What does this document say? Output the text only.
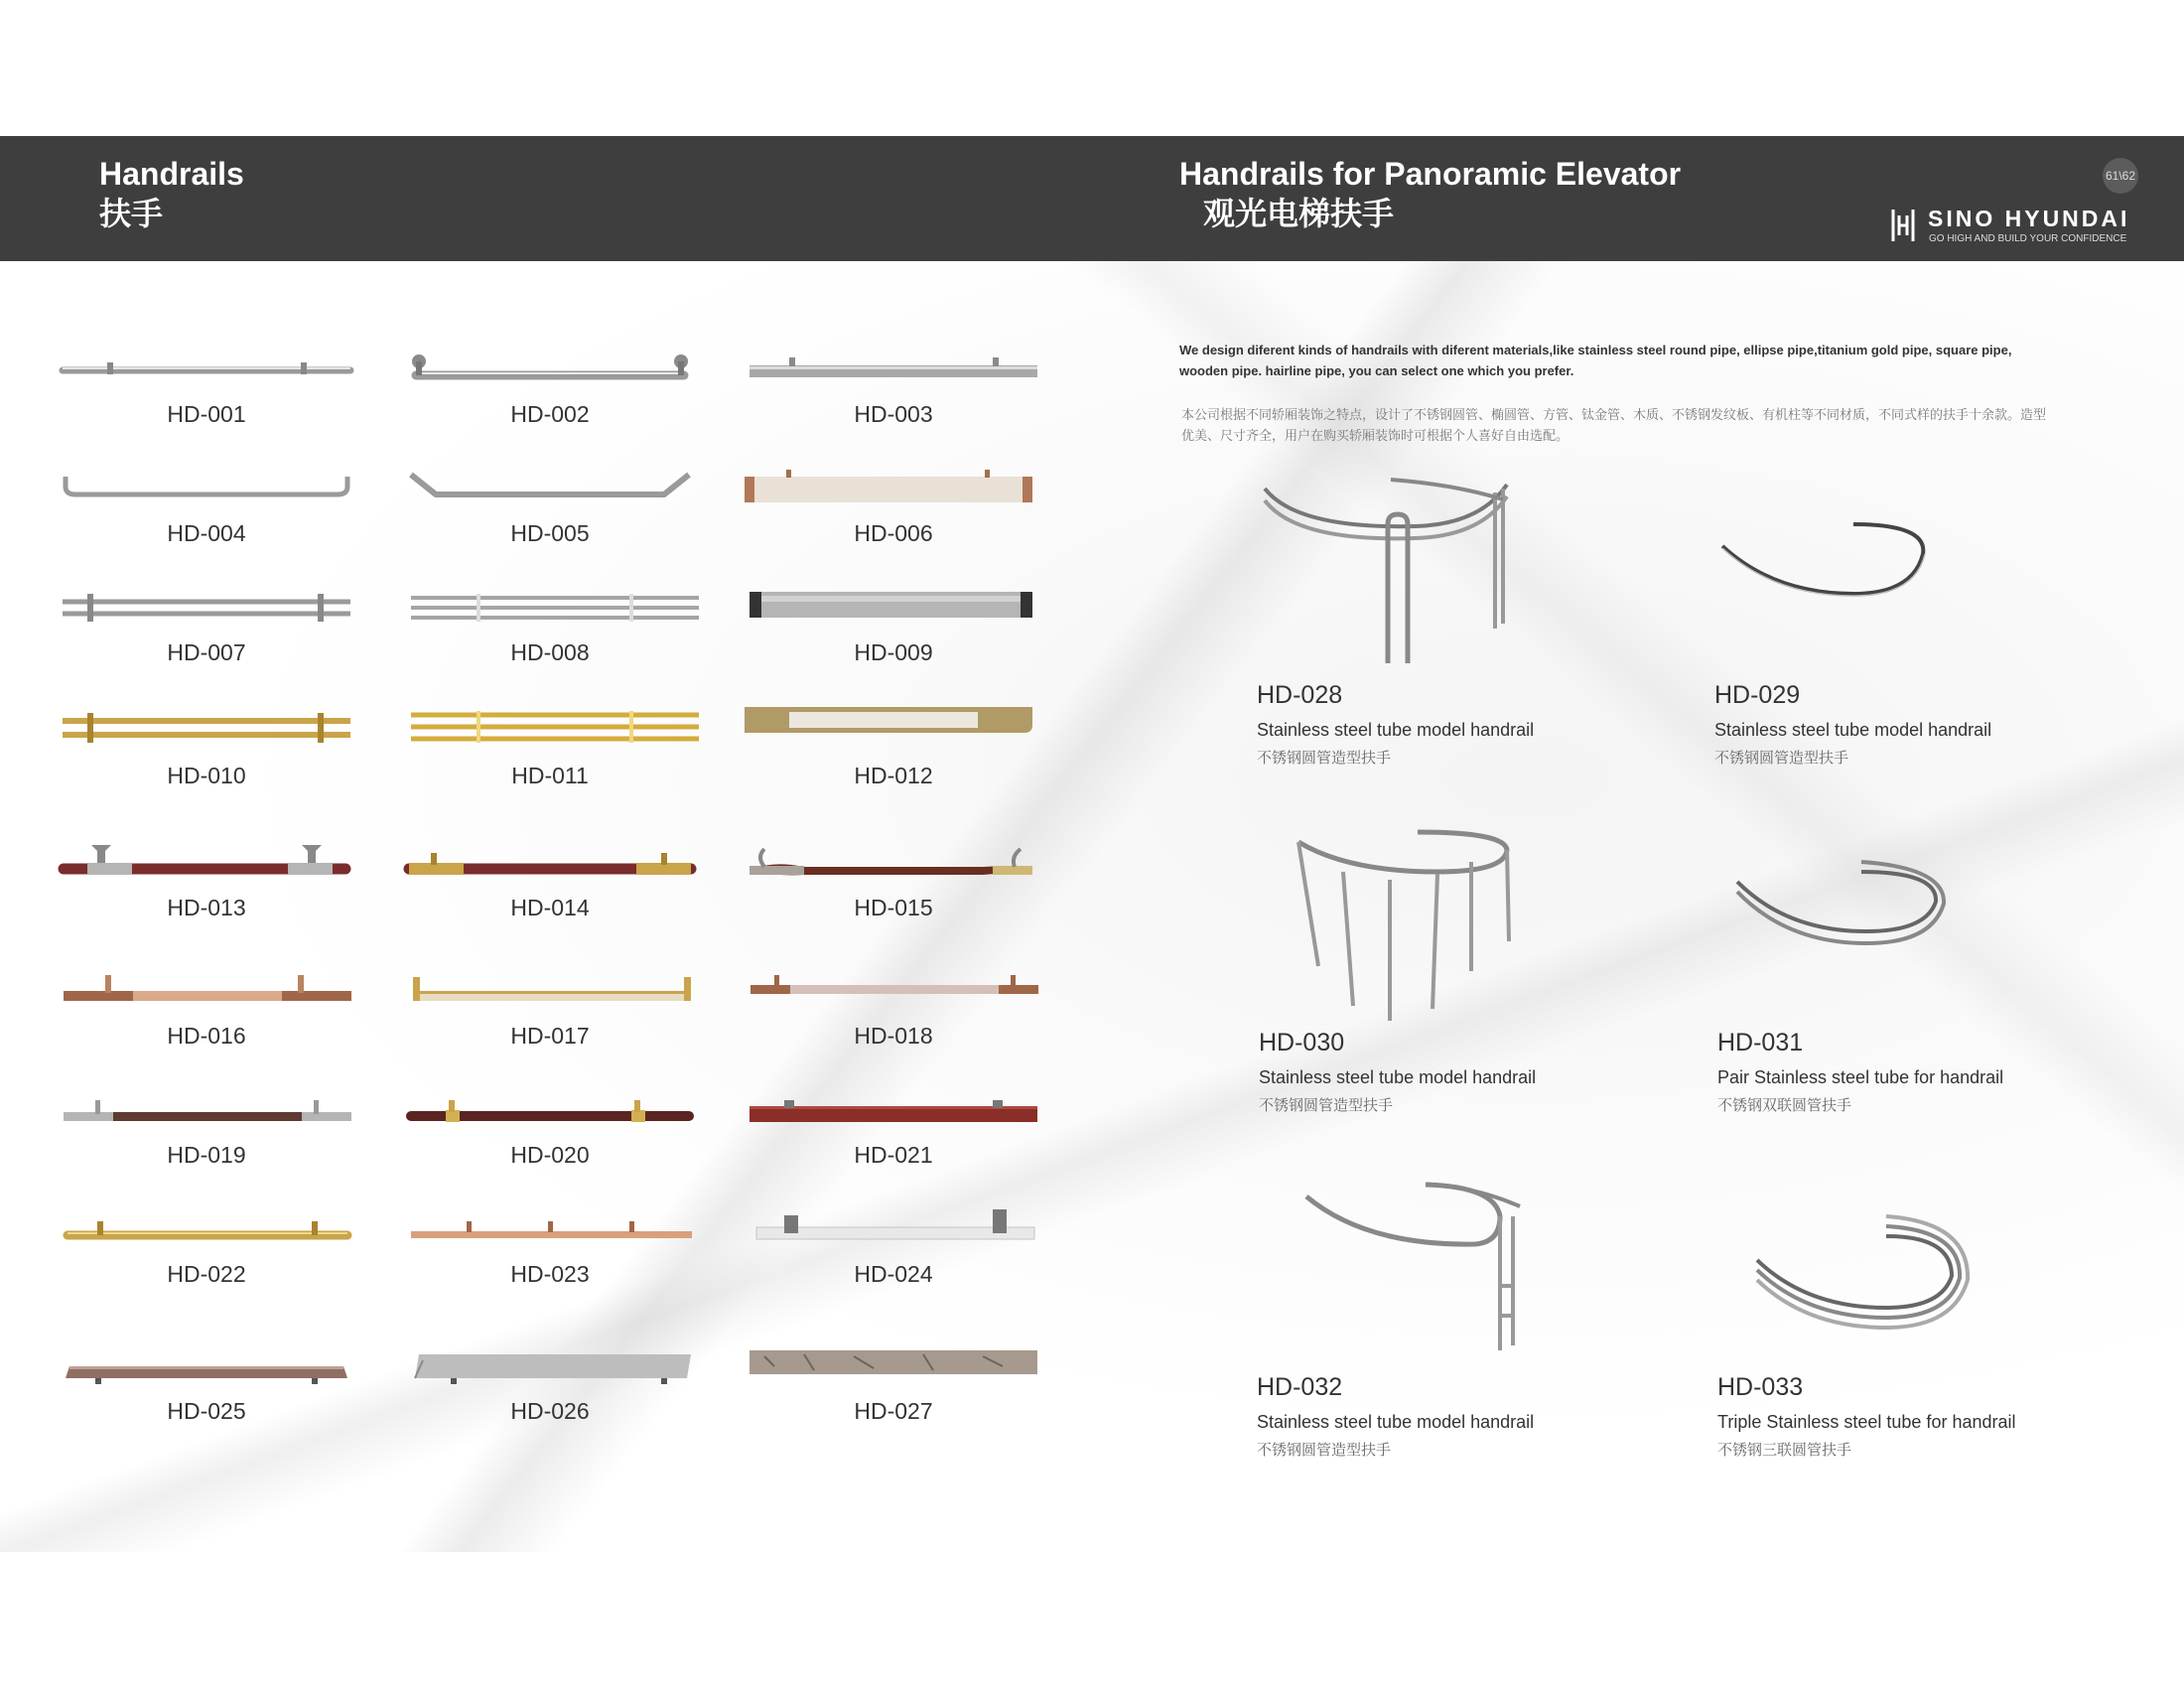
Handrails
扶手
Handrails for Panoramic Elevator
观光电梯扶手
61\62
SINO HYUNDAI
GO HIGH AND BUILD YOUR CONFIDENCE
HD-001	HD-002	HD-003
HD-004	HD-005	HD-006
HD-007	HD-008	HD-009
HD-010	HD-011	HD-012
HD-013	HD-014	HD-015
HD-016	HD-017	HD-018
HD-019	HD-020	HD-021
HD-022	HD-023	HD-024
HD-025	HD-026	HD-027
We design diferent kinds of handrails with diferent materials,like stainless steel round pipe, ellipse pipe,titanium gold pipe, square pipe, wooden pipe. hairline pipe, you can select one which you prefer.
本公司根据不同轿厢装饰之特点，设计了不锈钢圆管、椭圆管、方管、钛金管、木质、不锈钢发纹板、有机柱等不同材质，不同式样的扶手十余款。造型优美、尺寸齐全，用户在购买轿厢装饰时可根据个人喜好自由选配。
HD-028
Stainless steel tube model handrail
不锈钢圆管造型扶手
HD-029
Stainless steel tube model handrail
不锈钢圆管造型扶手
HD-030
Stainless steel tube model handrail
不锈钢圆管造型扶手
HD-031
Pair Stainless steel tube for handrail
不锈钢双联圆管扶手
HD-032
Stainless steel tube model handrail
不锈钢圆管造型扶手
HD-033
Triple Stainless steel tube for handrail
不锈钢三联圆管扶手
